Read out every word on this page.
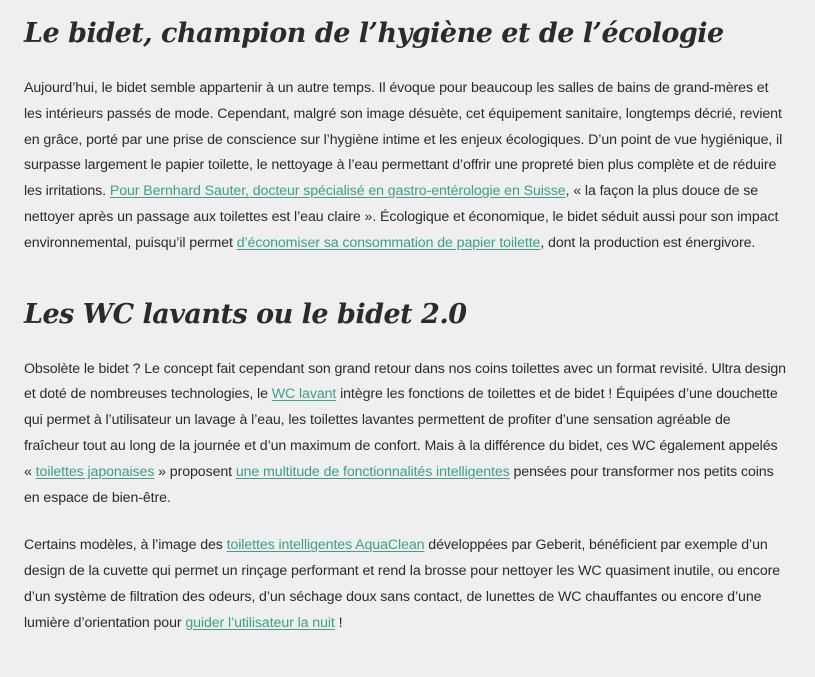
Le bidet, champion de l’hygiène et de l’écologie

Aujourd’hui, le bidet semble appartenir à un autre temps. Il évoque pour beaucoup les salles de bains de grand-mères et les intérieurs passés de mode. Cependant, malgré son image désuète, cet équipement sanitaire, longtemps décrié, revient en grâce, porté par une prise de conscience sur l’hygiène intime et les enjeux écologiques. D’un point de vue hygiénique, il surpasse largement le papier toilette, le nettoyage à l’eau permettant d’offrir une propreté bien plus complète et de réduire les irritations. Pour Bernhard Sauter, docteur spécialisé en gastro-entérologie en Suisse, « la façon la plus douce de se nettoyer après un passage aux toilettes est l’eau claire ». Écologique et économique, le bidet séduit aussi pour son impact environnemental, puisqu’il permet d’économiser sa consommation de papier toilette, dont la production est énergivore.

Les WC lavants ou le bidet 2.0

Obsolète le bidet ? Le concept fait cependant son grand retour dans nos coins toilettes avec un format revisité. Ultra design et doté de nombreuses technologies, le WC lavant intègre les fonctions de toilettes et de bidet ! Équipées d’une douchette qui permet à l’utilisateur un lavage à l’eau, les toilettes lavantes permettent de profiter d’une sensation agréable de fraîcheur tout au long de la journée et d’un maximum de confort. Mais à la différence du bidet, ces WC également appelés « toilettes japonaises » proposent une multitude de fonctionnalités intelligentes pensées pour transformer nos petits coins en espace de bien-être.

Certains modèles, à l’image des toilettes intelligentes AquaClean développées par Geberit, bénéficient par exemple d’un design de la cuvette qui permet un rinçage performant et rend la brosse pour nettoyer les WC quasiment inutile, ou encore d’un système de filtration des odeurs, d’un séchage doux sans contact, de lunettes de WC chauffantes ou encore d’une lumière d’orientation pour guider l’utilisateur la nuit !
